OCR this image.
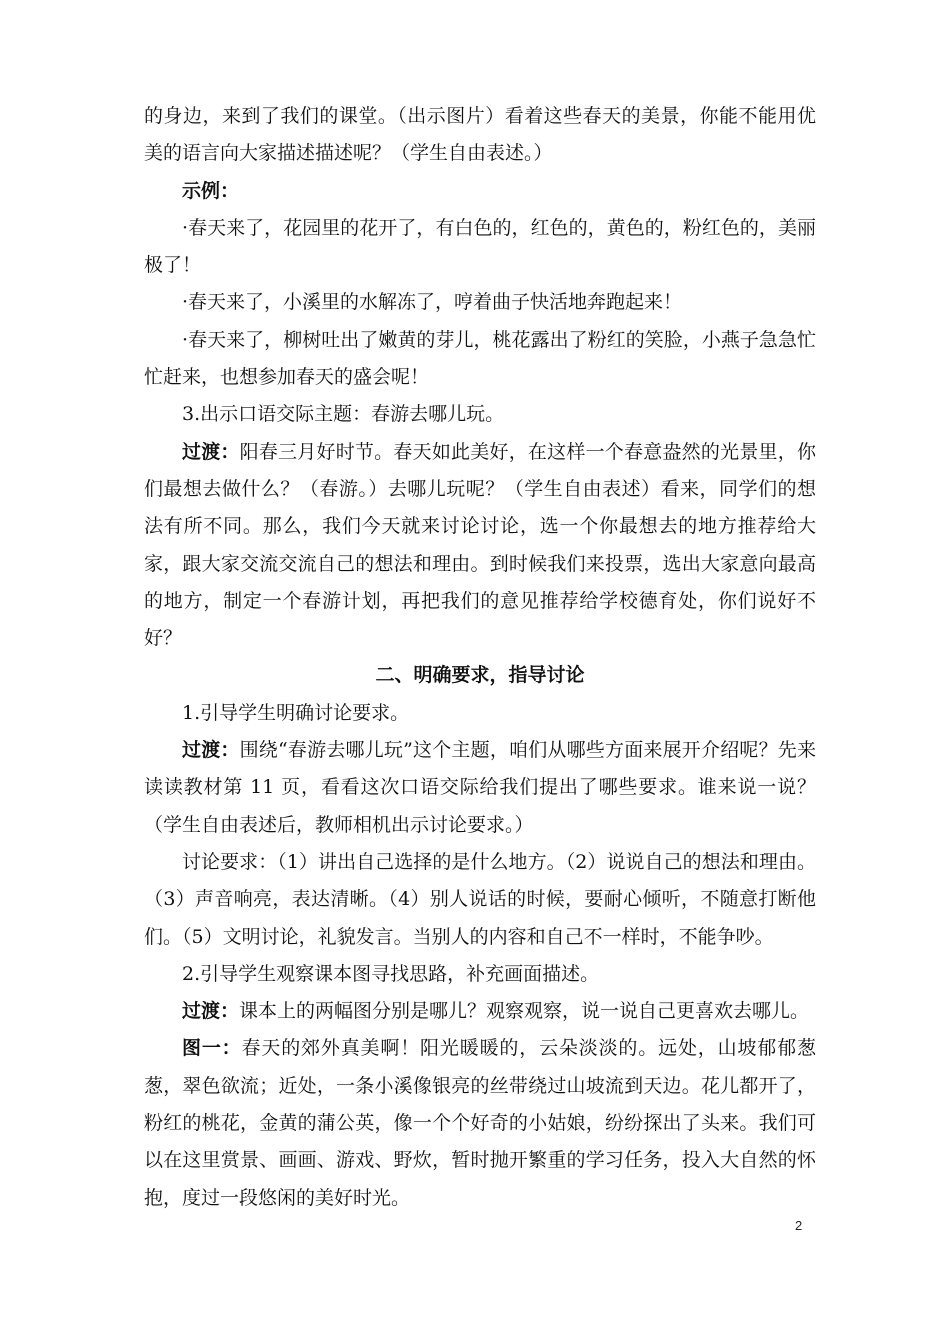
的身边，来到了我们的课堂。（出示图片）看着这些春天的美景，你能不能用优美的语言向大家描述描述呢？（学生自由表述。）

示例：

·春天来了，花园里的花开了，有白色的，红色的，黄色的，粉红色的，美丽极了！

·春天来了，小溪里的水解冻了，哼着曲子快活地奔跑起来！

·春天来了，柳树吐出了嫩黄的芽儿，桃花露出了粉红的笑脸，小燕子急急忙忙赶来，也想参加春天的盛会呢！

3.出示口语交际主题：春游去哪儿玩。

过渡：阳春三月好时节。春天如此美好，在这样一个春意盎然的光景里，你们最想去做什么？（春游。）去哪儿玩呢？（学生自由表述）看来，同学们的想法有所不同。那么，我们今天就来讨论讨论，选一个你最想去的地方推荐给大家，跟大家交流交流自己的想法和理由。到时候我们来投票，选出大家意向最高的地方，制定一个春游计划，再把我们的意见推荐给学校德育处，你们说好不好？

二、明确要求，指导讨论

1.引导学生明确讨论要求。

过渡：围绕“春游去哪儿玩”这个主题，咱们从哪些方面来展开介绍呢？先来读读教材第 11 页，看看这次口语交际给我们提出了哪些要求。谁来说一说？（学生自由表述后，教师相机出示讨论要求。）

讨论要求：（1）讲出自己选择的是什么地方。（2）说说自己的想法和理由。（3）声音响亮，表达清晰。（4）别人说话的时候，要耐心倾听，不随意打断他们。（5）文明讨论，礼貌发言。当别人的内容和自己不一样时，不能争吵。

2.引导学生观察课本图寻找思路，补充画面描述。

过渡：课本上的两幅图分别是哪儿？观察观察，说一说自己更喜欢去哪儿。

图一：春天的郊外真美啊！阳光暖暖的，云朵淡淡的。远处，山坡郁郁葱葱，翠色欲流；近处，一条小溪像银亮的丝带绕过山坡流到天边。花儿都开了，粉红的桃花，金黄的蒲公英，像一个个好奇的小姑娘，纷纷探出了头来。我们可以在这里赏景、画画、游戏、野炊，暂时抛开繁重的学习任务，投入大自然的怀抱，度过一段悠闲的美好时光。

2
